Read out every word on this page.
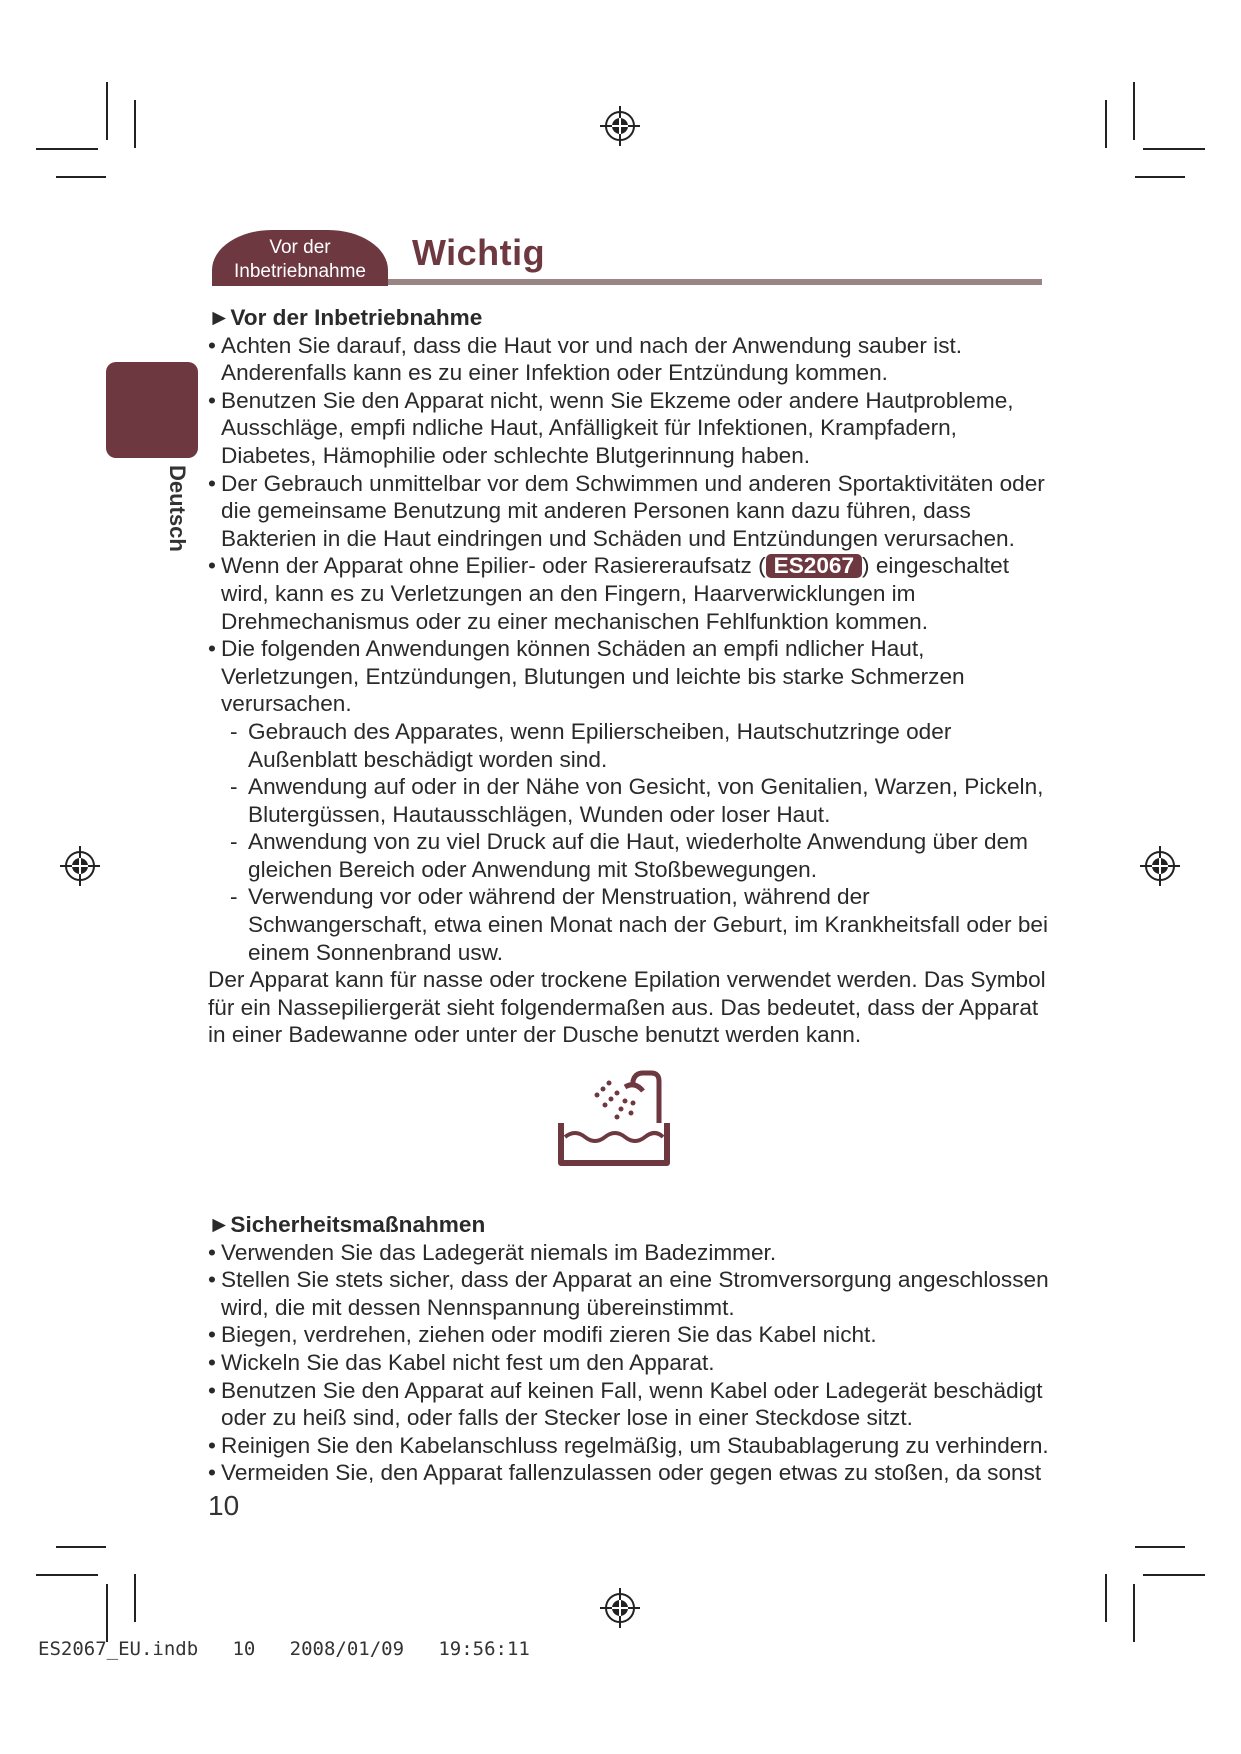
Vor der
Inbetriebnahme	Wichtig
Deutsch

►Vor der Inbetriebnahme

• Achten Sie darauf, dass die Haut vor und nach der Anwendung sauber ist. Anderenfalls kann es zu einer Infektion oder Entzündung kommen.
• Benutzen Sie den Apparat nicht, wenn Sie Ekzeme oder andere Hautprobleme, Ausschläge, empfi ndliche Haut, Anfälligkeit für Infektionen, Krampfadern, Diabetes, Hämophilie oder schlechte Blutgerinnung haben.
• Der Gebrauch unmittelbar vor dem Schwimmen und anderen Sportaktivitäten oder die gemeinsame Benutzung mit anderen Personen kann dazu führen, dass Bakterien in die Haut eindringen und Schäden und Entzündungen verursachen.
• Wenn der Apparat ohne Epilier- oder Rasiereraufsatz ( ES2067 ) eingeschaltet wird, kann es zu Verletzungen an den Fingern, Haarverwicklungen im Drehmechanismus oder zu einer mechanischen Fehlfunktion kommen.
• Die folgenden Anwendungen können Schäden an empfi ndlicher Haut, Verletzungen, Entzündungen, Blutungen und leichte bis starke Schmerzen verursachen.
- Gebrauch des Apparates, wenn Epilierscheiben, Hautschutzringe oder Außenblatt beschädigt worden sind.
- Anwendung auf oder in der Nähe von Gesicht, von Genitalien, Warzen, Pickeln, Blutergüssen, Hautausschlägen, Wunden oder loser Haut.
- Anwendung von zu viel Druck auf die Haut, wiederholte Anwendung über dem gleichen Bereich oder Anwendung mit Stoßbewegungen.
- Verwendung vor oder während der Menstruation, während der Schwangerschaft, etwa einen Monat nach der Geburt, im Krankheitsfall oder bei einem Sonnenbrand usw.

Der Apparat kann für nasse oder trockene Epilation verwendet werden. Das Symbol für ein Nassepiliergerät sieht folgendermaßen aus. Das bedeutet, dass der Apparat in einer Badewanne oder unter der Dusche benutzt werden kann.

►Sicherheitsmaßnahmen

• Verwenden Sie das Ladegerät niemals im Badezimmer.
• Stellen Sie stets sicher, dass der Apparat an eine Stromversorgung angeschlossen wird, die mit dessen Nennspannung übereinstimmt.
• Biegen, verdrehen, ziehen oder modifi zieren Sie das Kabel nicht.
• Wickeln Sie das Kabel nicht fest um den Apparat.
• Benutzen Sie den Apparat auf keinen Fall, wenn Kabel oder Ladegerät beschädigt oder zu heiß sind, oder falls der Stecker lose in einer Steckdose sitzt.
• Reinigen Sie den Kabelanschluss regelmäßig, um Staubablagerung zu verhindern.
• Vermeiden Sie, den Apparat fallenzulassen oder gegen etwas zu stoßen, da sonst
10
ES2067_EU.indb   10   2008/01/09   19:56:11
